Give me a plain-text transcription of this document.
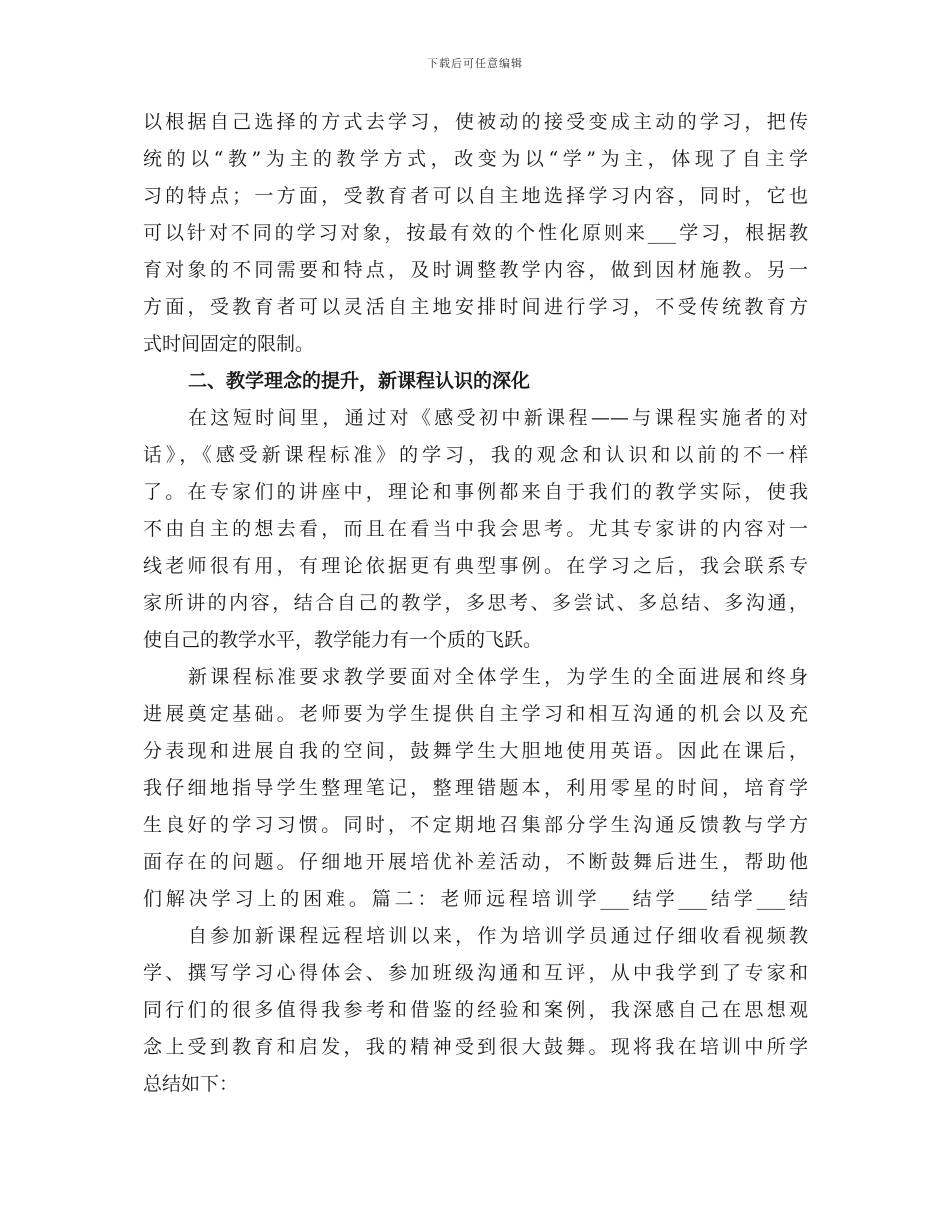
下载后可任意编辑
以根据自己选择的方式去学习，使被动的接受变成主动的学习，把传
统的以“教”为主的教学方式，改变为以“学”为主，体现了自主学
习的特点；一方面，受教育者可以自主地选择学习内容，同时，它也
可以针对不同的学习对象，按最有效的个性化原则来___学习，根据教
育对象的不同需要和特点，及时调整教学内容，做到因材施教。另一
方面，受教育者可以灵活自主地安排时间进行学习，不受传统教育方
式时间固定的限制。
二、教学理念的提升，新课程认识的深化
在这短时间里，通过对《感受初中新课程——与课程实施者的对
话》，《感受新课程标准》的学习，我的观念和认识和以前的不一样
了。在专家们的讲座中，理论和事例都来自于我们的教学实际，使我
不由自主的想去看，而且在看当中我会思考。尤其专家讲的内容对一
线老师很有用，有理论依据更有典型事例。在学习之后，我会联系专
家所讲的内容，结合自己的教学，多思考、多尝试、多总结、多沟通，
使自己的教学水平，教学能力有一个质的飞跃。
新课程标准要求教学要面对全体学生，为学生的全面进展和终身
进展奠定基础。老师要为学生提供自主学习和相互沟通的机会以及充
分表现和进展自我的空间，鼓舞学生大胆地使用英语。因此在课后，
我仔细地指导学生整理笔记，整理错题本，利用零星的时间，培育学
生良好的学习习惯。同时，不定期地召集部分学生沟通反馈教与学方
面存在的问题。仔细地开展培优补差活动，不断鼓舞后进生，帮助他
们解决学习上的困难。篇二：老师远程培训学___结学___结学___结
自参加新课程远程培训以来，作为培训学员通过仔细收看视频教
学、撰写学习心得体会、参加班级沟通和互评，从中我学到了专家和
同行们的很多值得我参考和借鉴的经验和案例，我深感自己在思想观
念上受到教育和启发，我的精神受到很大鼓舞。现将我在培训中所学
总结如下：
